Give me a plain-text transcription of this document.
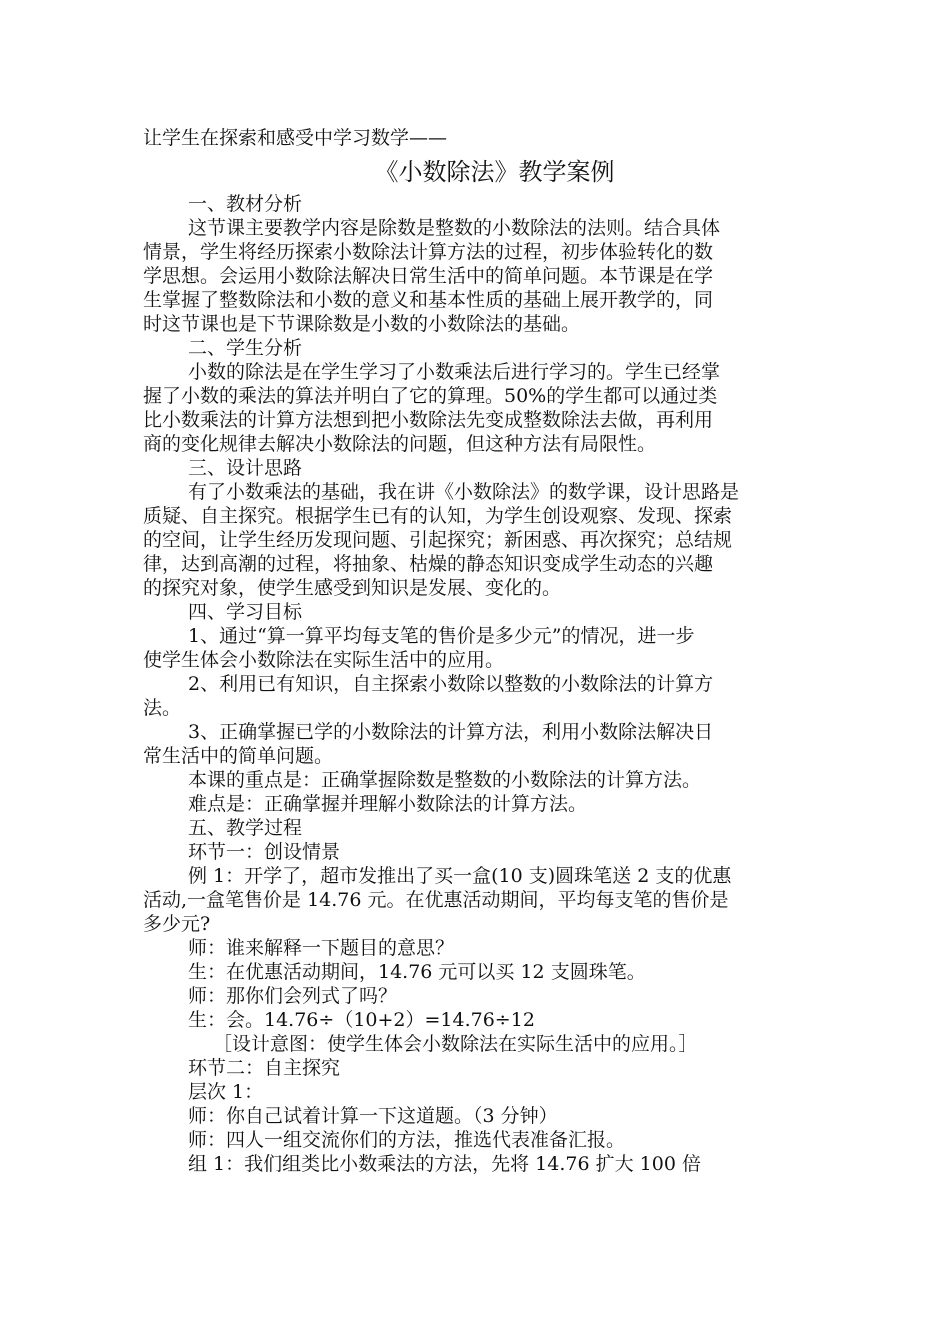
让学生在探索和感受中学习数学——
《小数除法》教学案例
一、教材分析
这节课主要教学内容是除数是整数的小数除法的法则。结合具体
情景，学生将经历探索小数除法计算方法的过程，初步体验转化的数
学思想。会运用小数除法解决日常生活中的简单问题。本节课是在学
生掌握了整数除法和小数的意义和基本性质的基础上展开教学的，同
时这节课也是下节课除数是小数的小数除法的基础。
二、学生分析
小数的除法是在学生学习了小数乘法后进行学习的。学生已经掌
握了小数的乘法的算法并明白了它的算理。50%的学生都可以通过类
比小数乘法的计算方法想到把小数除法先变成整数除法去做，再利用
商的变化规律去解决小数除法的问题，但这种方法有局限性。
三、设计思路
有了小数乘法的基础，我在讲《小数除法》的数学课，设计思路是
质疑、自主探究。根据学生已有的认知，为学生创设观察、发现、探索
的空间，让学生经历发现问题、引起探究；新困惑、再次探究；总结规
律，达到高潮的过程，将抽象、枯燥的静态知识变成学生动态的兴趣
的探究对象，使学生感受到知识是发展、变化的。
四、学习目标
1、通过“算一算平均每支笔的售价是多少元”的情况，进一步
使学生体会小数除法在实际生活中的应用。
2、利用已有知识，自主探索小数除以整数的小数除法的计算方
法。
3、正确掌握已学的小数除法的计算方法，利用小数除法解决日
常生活中的简单问题。
本课的重点是：正确掌握除数是整数的小数除法的计算方法。
难点是：正确掌握并理解小数除法的计算方法。
五、教学过程
环节一：创设情景
例 1：开学了，超市发推出了买一盒(10 支)圆珠笔送 2 支的优惠
活动,一盒笔售价是 14.76 元。在优惠活动期间，平均每支笔的售价是
多少元?
师：谁来解释一下题目的意思？
生：在优惠活动期间，14.76 元可以买 12 支圆珠笔。
师：那你们会列式了吗？
生：会。14.76÷（10+2）=14.76÷12
［设计意图：使学生体会小数除法在实际生活中的应用。］
环节二：自主探究
层次 1：
师：你自己试着计算一下这道题。（3 分钟）
师：四人一组交流你们的方法，推选代表准备汇报。
组 1：我们组类比小数乘法的方法，先将 14.76 扩大 100 倍
